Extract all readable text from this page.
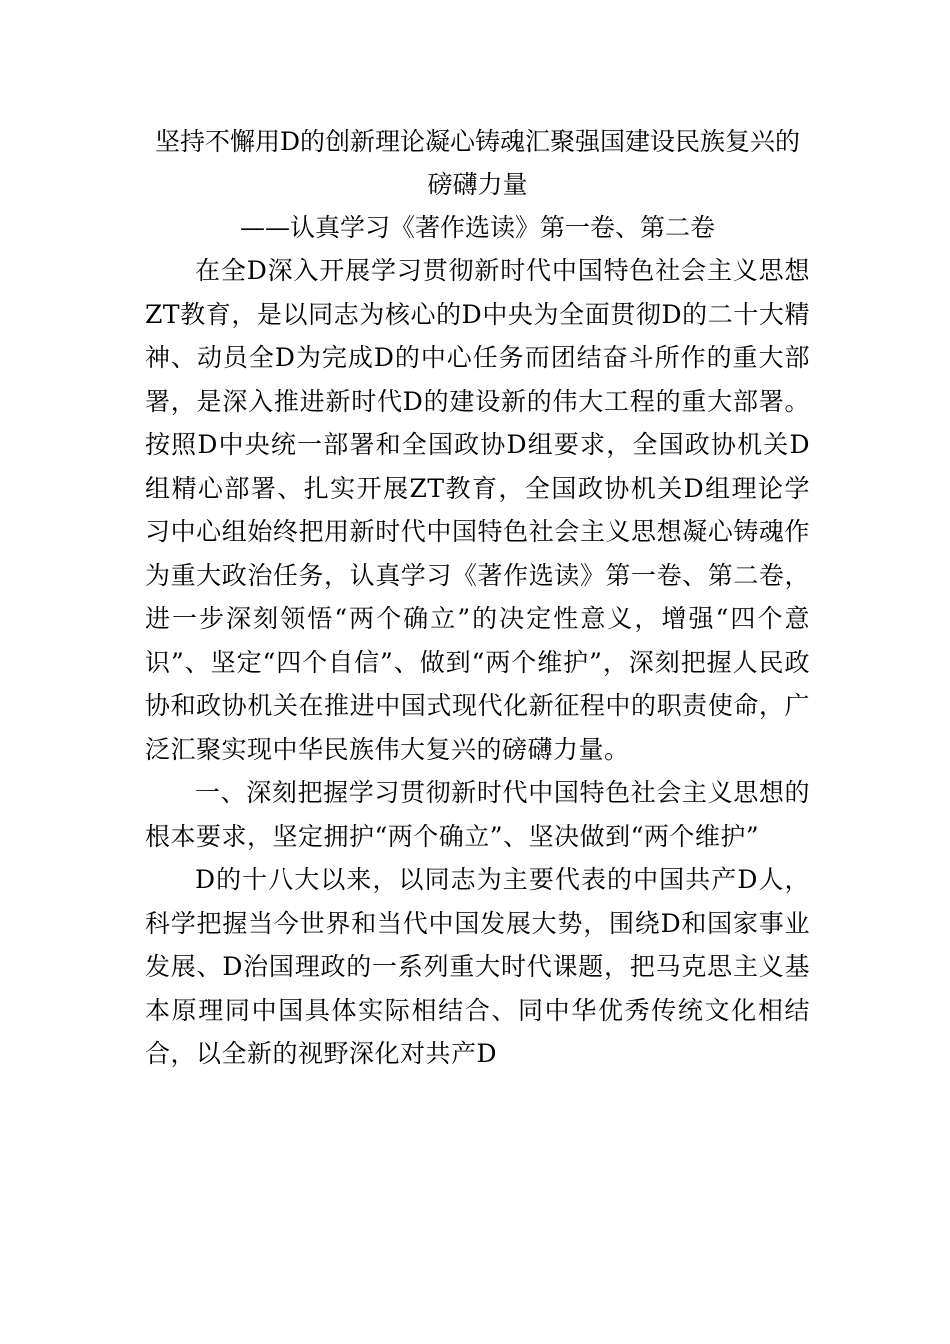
坚持不懈用D的创新理论凝心铸魂汇聚强国建设民族复兴的磅礴力量
——认真学习《著作选读》第一卷、第二卷

在全D深入开展学习贯彻新时代中国特色社会主义思想ZT教育，是以同志为核心的D中央为全面贯彻D的二十大精神、动员全D为完成D的中心任务而团结奋斗所作的重大部署，是深入推进新时代D的建设新的伟大工程的重大部署。按照D中央统一部署和全国政协D组要求，全国政协机关D组精心部署、扎实开展ZT教育，全国政协机关D组理论学习中心组始终把用新时代中国特色社会主义思想凝心铸魂作为重大政治任务，认真学习《著作选读》第一卷、第二卷，进一步深刻领悟“两个确立”的决定性意义，增强“四个意识”、坚定“四个自信”、做到“两个维护”，深刻把握人民政协和政协机关在推进中国式现代化新征程中的职责使命，广泛汇聚实现中华民族伟大复兴的磅礴力量。

一、深刻把握学习贯彻新时代中国特色社会主义思想的根本要求，坚定拥护“两个确立”、坚决做到“两个维护”

D的十八大以来，以同志为主要代表的中国共产D人，科学把握当今世界和当代中国发展大势，围绕D和国家事业发展、D治国理政的一系列重大时代课题，把马克思主义基本原理同中国具体实际相结合、同中华优秀传统文化相结合，以全新的视野深化对共产D
